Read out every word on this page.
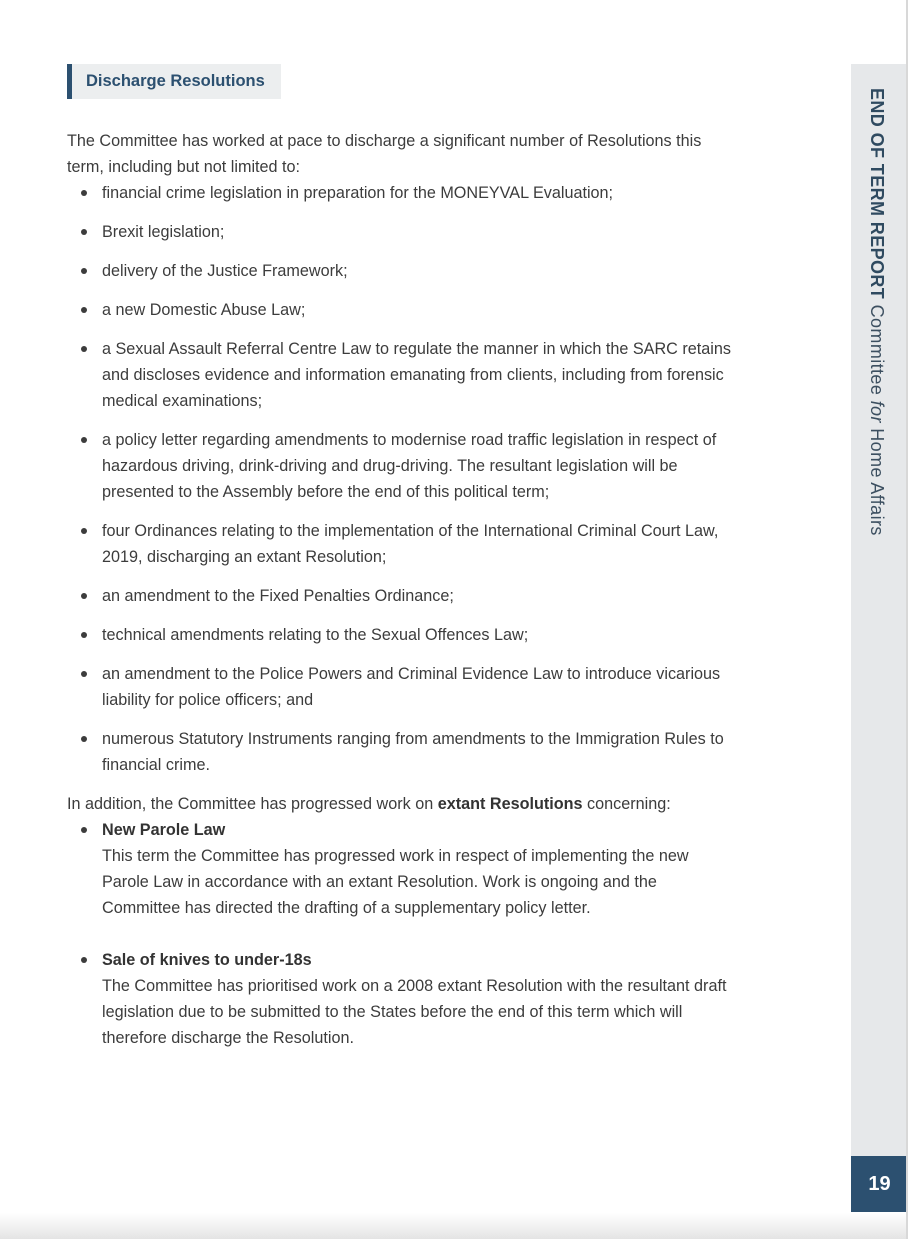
END OF TERM REPORT Committee for Home Affairs
19
Discharge Resolutions

The Committee has worked at pace to discharge a significant number of Resolutions this term, including but not limited to:

financial crime legislation in preparation for the MONEYVAL Evaluation;
Brexit legislation;
delivery of the Justice Framework;
a new Domestic Abuse Law;
a Sexual Assault Referral Centre Law to regulate the manner in which the SARC retains and discloses evidence and information emanating from clients, including from forensic medical examinations;
a policy letter regarding amendments to modernise road traffic legislation in respect of hazardous driving, drink-driving and drug-driving. The resultant legislation will be presented to the Assembly before the end of this political term;
four Ordinances relating to the implementation of the International Criminal Court Law, 2019, discharging an extant Resolution;
an amendment to the Fixed Penalties Ordinance;
technical amendments relating to the Sexual Offences Law;
an amendment to the Police Powers and Criminal Evidence Law to introduce vicarious liability for police officers; and
numerous Statutory Instruments ranging from amendments to the Immigration Rules to financial crime.

In addition, the Committee has progressed work on extant Resolutions concerning:

New Parole Law
This term the Committee has progressed work in respect of implementing the new Parole Law in accordance with an extant Resolution. Work is ongoing and the Committee has directed the drafting of a supplementary policy letter.
Sale of knives to under-18s
The Committee has prioritised work on a 2008 extant Resolution with the resultant draft legislation due to be submitted to the States before the end of this term which will therefore discharge the Resolution.
